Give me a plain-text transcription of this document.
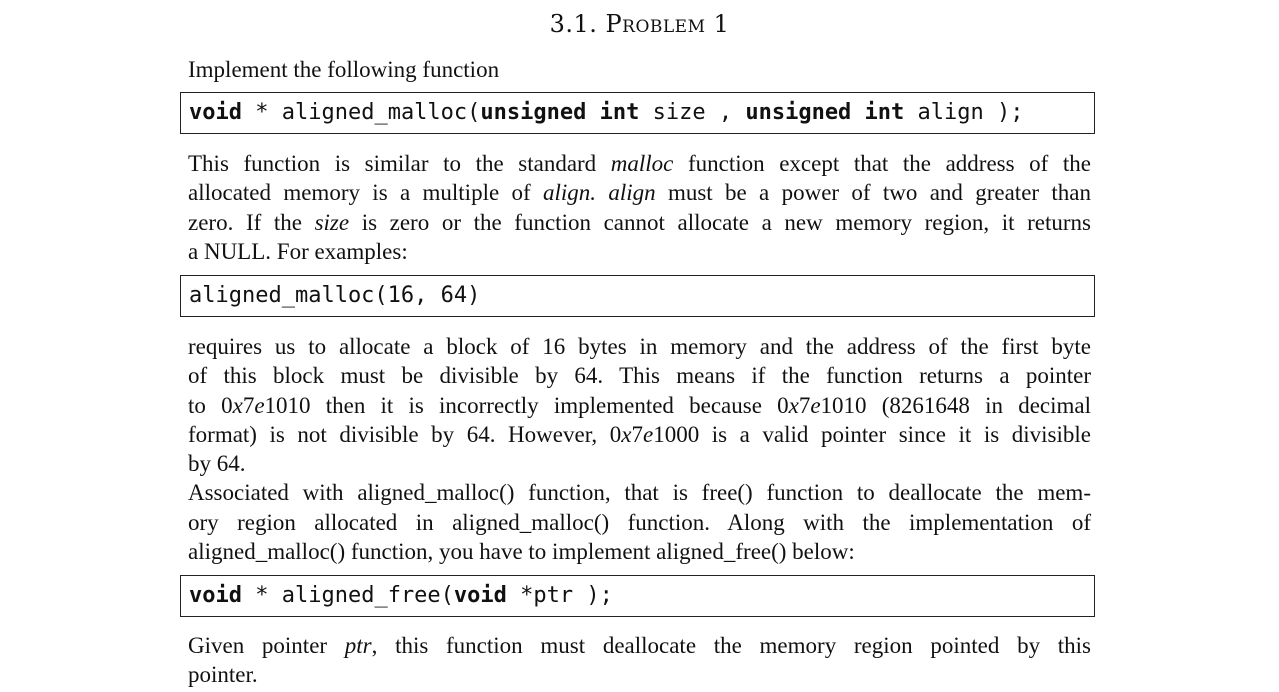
3.1. Problem 1

Implement the following function

void * aligned_malloc(unsigned int size , unsigned int align );

This function is similar to the standard malloc function except that the address of the
allocated memory is a multiple of align. align must be a power of two and greater than
zero. If the size is zero or the function cannot allocate a new memory region, it returns
a NULL. For examples:

aligned_malloc(16, 64)

requires us to allocate a block of 16 bytes in memory and the address of the first byte
of this block must be divisible by 64. This means if the function returns a pointer
to 0x7e1010 then it is incorrectly implemented because 0x7e1010 (8261648 in decimal
format) is not divisible by 64. However, 0x7e1000 is a valid pointer since it is divisible
by 64.
Associated with aligned_malloc() function, that is free() function to deallocate the mem-
ory region allocated in aligned_malloc() function. Along with the implementation of
aligned_malloc() function, you have to implement aligned_free() below:

void * aligned_free(void *ptr );

Given pointer ptr, this function must deallocate the memory region pointed by this
pointer.
